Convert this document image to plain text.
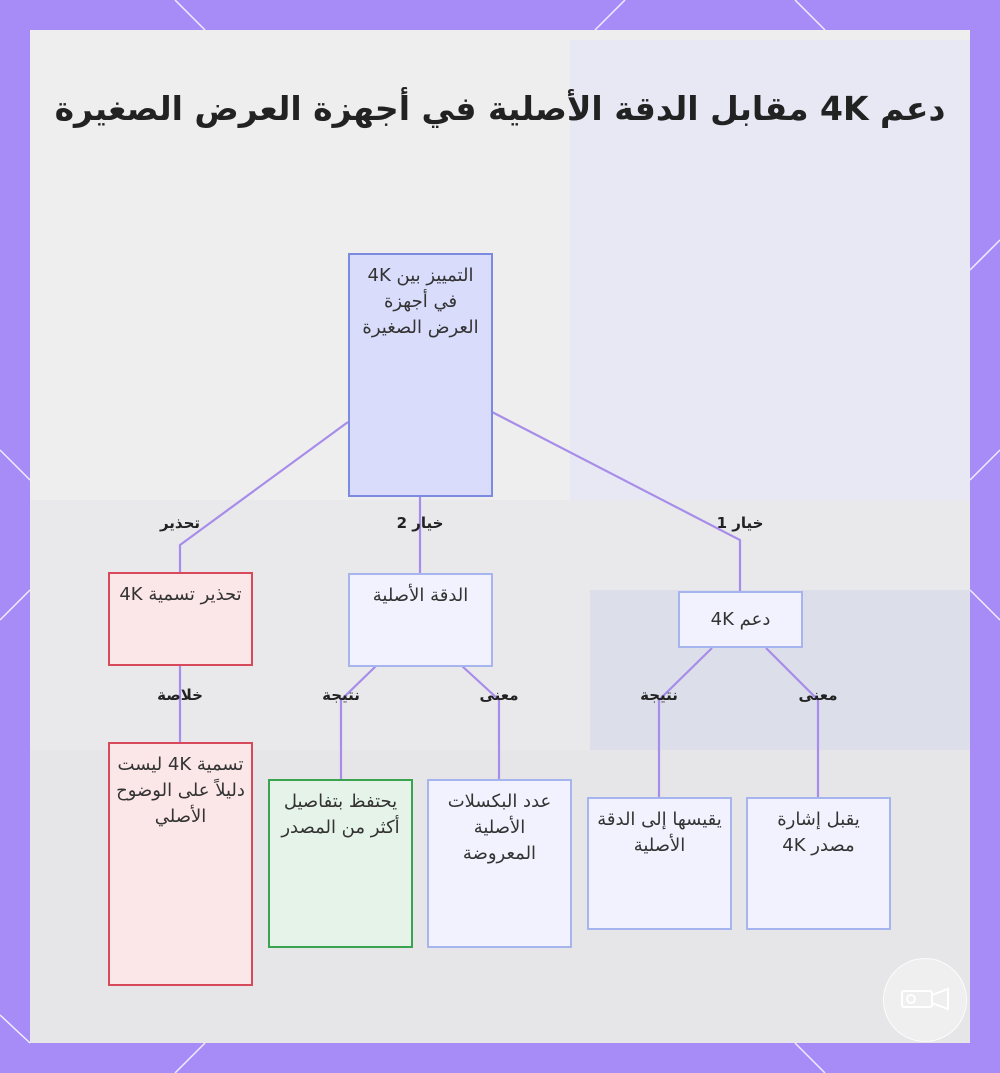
دعم 4K مقابل الدقة الأصلية في أجهزة العرض الصغيرة
التمييز بين 4K في أجهزة العرض الصغيرة
دعم 4K
الدقة الأصلية
تحذير تسمية 4K
يقبل إشارة مصدر 4K
يقيسها إلى الدقة الأصلية
عدد البكسلات الأصلية المعروضة
يحتفظ بتفاصيل أكثر من المصدر
تسمية 4K ليست دليلاً على الوضوح الأصلي
خيار 1
خيار 2
تحذير
معنى
نتيجة
معنى
نتيجة
خلاصة
